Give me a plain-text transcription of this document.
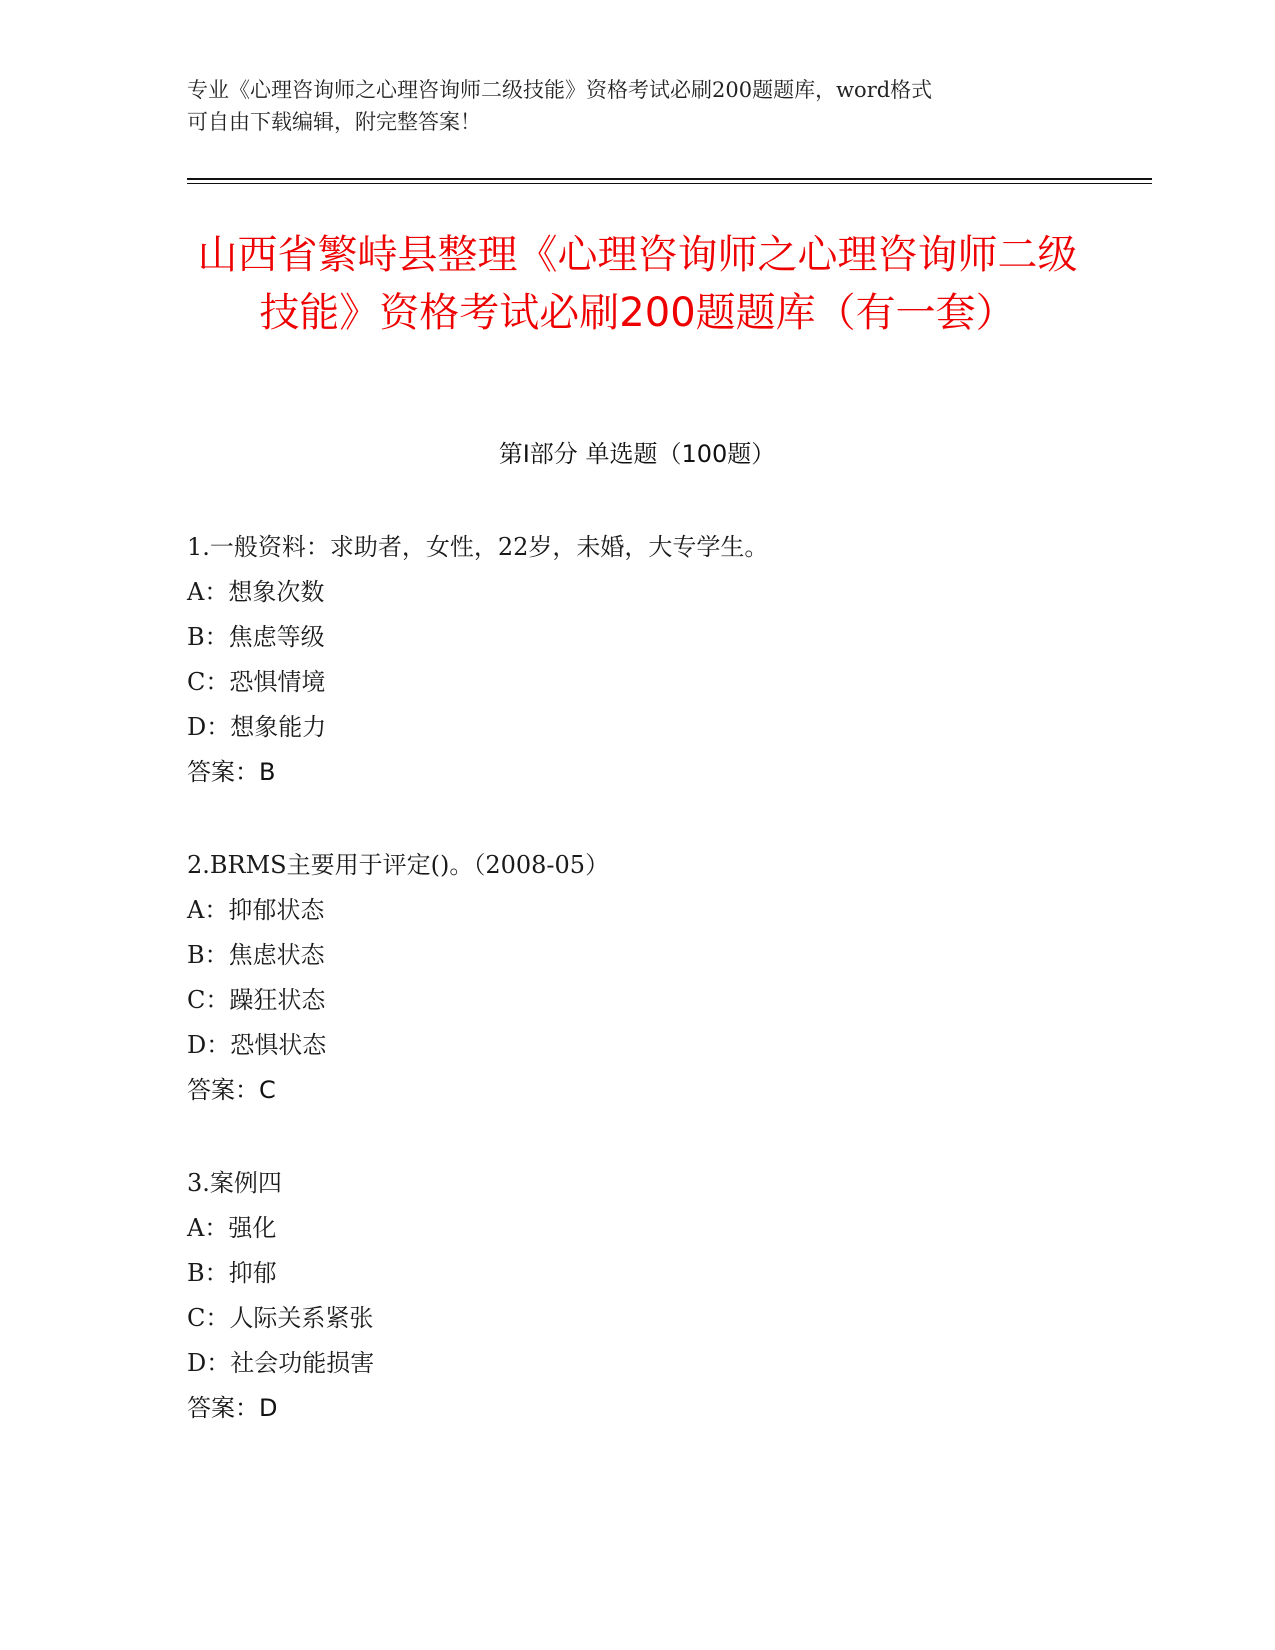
专业《心理咨询师之心理咨询师二级技能》资格考试必刷200题题库，word格式
可自由下载编辑，附完整答案！
山西省繁峙县整理《心理咨询师之心理咨询师二级技能》资格考试必刷200题题库（有一套）
第Ⅰ部分 单选题（100题）
1.一般资料：求助者，女性，22岁，未婚，大专学生。
A：想象次数
B：焦虑等级
C：恐惧情境
D：想象能力
答案：B
2.BRMS主要用于评定()。（2008-05）
A：抑郁状态
B：焦虑状态
C：躁狂状态
D：恐惧状态
答案：C
3.案例四
A：强化
B：抑郁
C：人际关系紧张
D：社会功能损害
答案：D
